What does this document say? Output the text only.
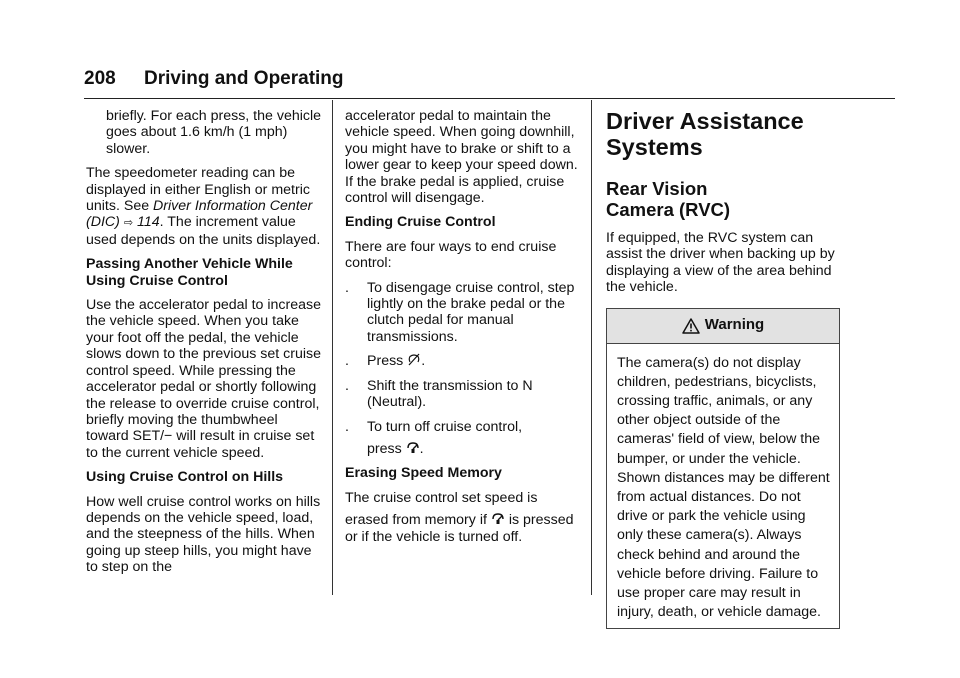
208 Driving and Operating

briefly. For each press, the vehicle goes about 1.6 km/h (1 mph) slower.

The speedometer reading can be displayed in either English or metric units. See Driver Information Center (DIC) ⇨ 114. The increment value used depends on the units displayed.

Passing Another Vehicle While Using Cruise Control

Use the accelerator pedal to increase the vehicle speed. When you take your foot off the pedal, the vehicle slows down to the previous set cruise control speed. While pressing the accelerator pedal or shortly following the release to override cruise control, briefly moving the thumbwheel toward SET/− will result in cruise set to the current vehicle speed.

Using Cruise Control on Hills

How well cruise control works on hills depends on the vehicle speed, load, and the steepness of the hills. When going up steep hills, you might have to step on the

accelerator pedal to maintain the vehicle speed. When going downhill, you might have to brake or shift to a lower gear to keep your speed down. If the brake pedal is applied, cruise control will disengage.

Ending Cruise Control

There are four ways to end cruise control:

.	To disengage cruise control, step lightly on the brake pedal or the clutch pedal for manual transmissions.
.	Press .
.	Shift the transmission to N (Neutral).
.	To turn off cruise control,
press .

Erasing Speed Memory

The cruise control set speed is

erased from memory if is pressed or if the vehicle is turned off.

Driver Assistance Systems
Rear Vision Camera (RVC)

If equipped, the RVC system can assist the driver when backing up by displaying a view of the area behind the vehicle.

Warning
The camera(s) do not display children, pedestrians, bicyclists, crossing traffic, animals, or any other object outside of the cameras' field of view, below the bumper, or under the vehicle. Shown distances may be different from actual distances. Do not drive or park the vehicle using only these camera(s). Always check behind and around the vehicle before driving. Failure to use proper care may result in injury, death, or vehicle damage.
